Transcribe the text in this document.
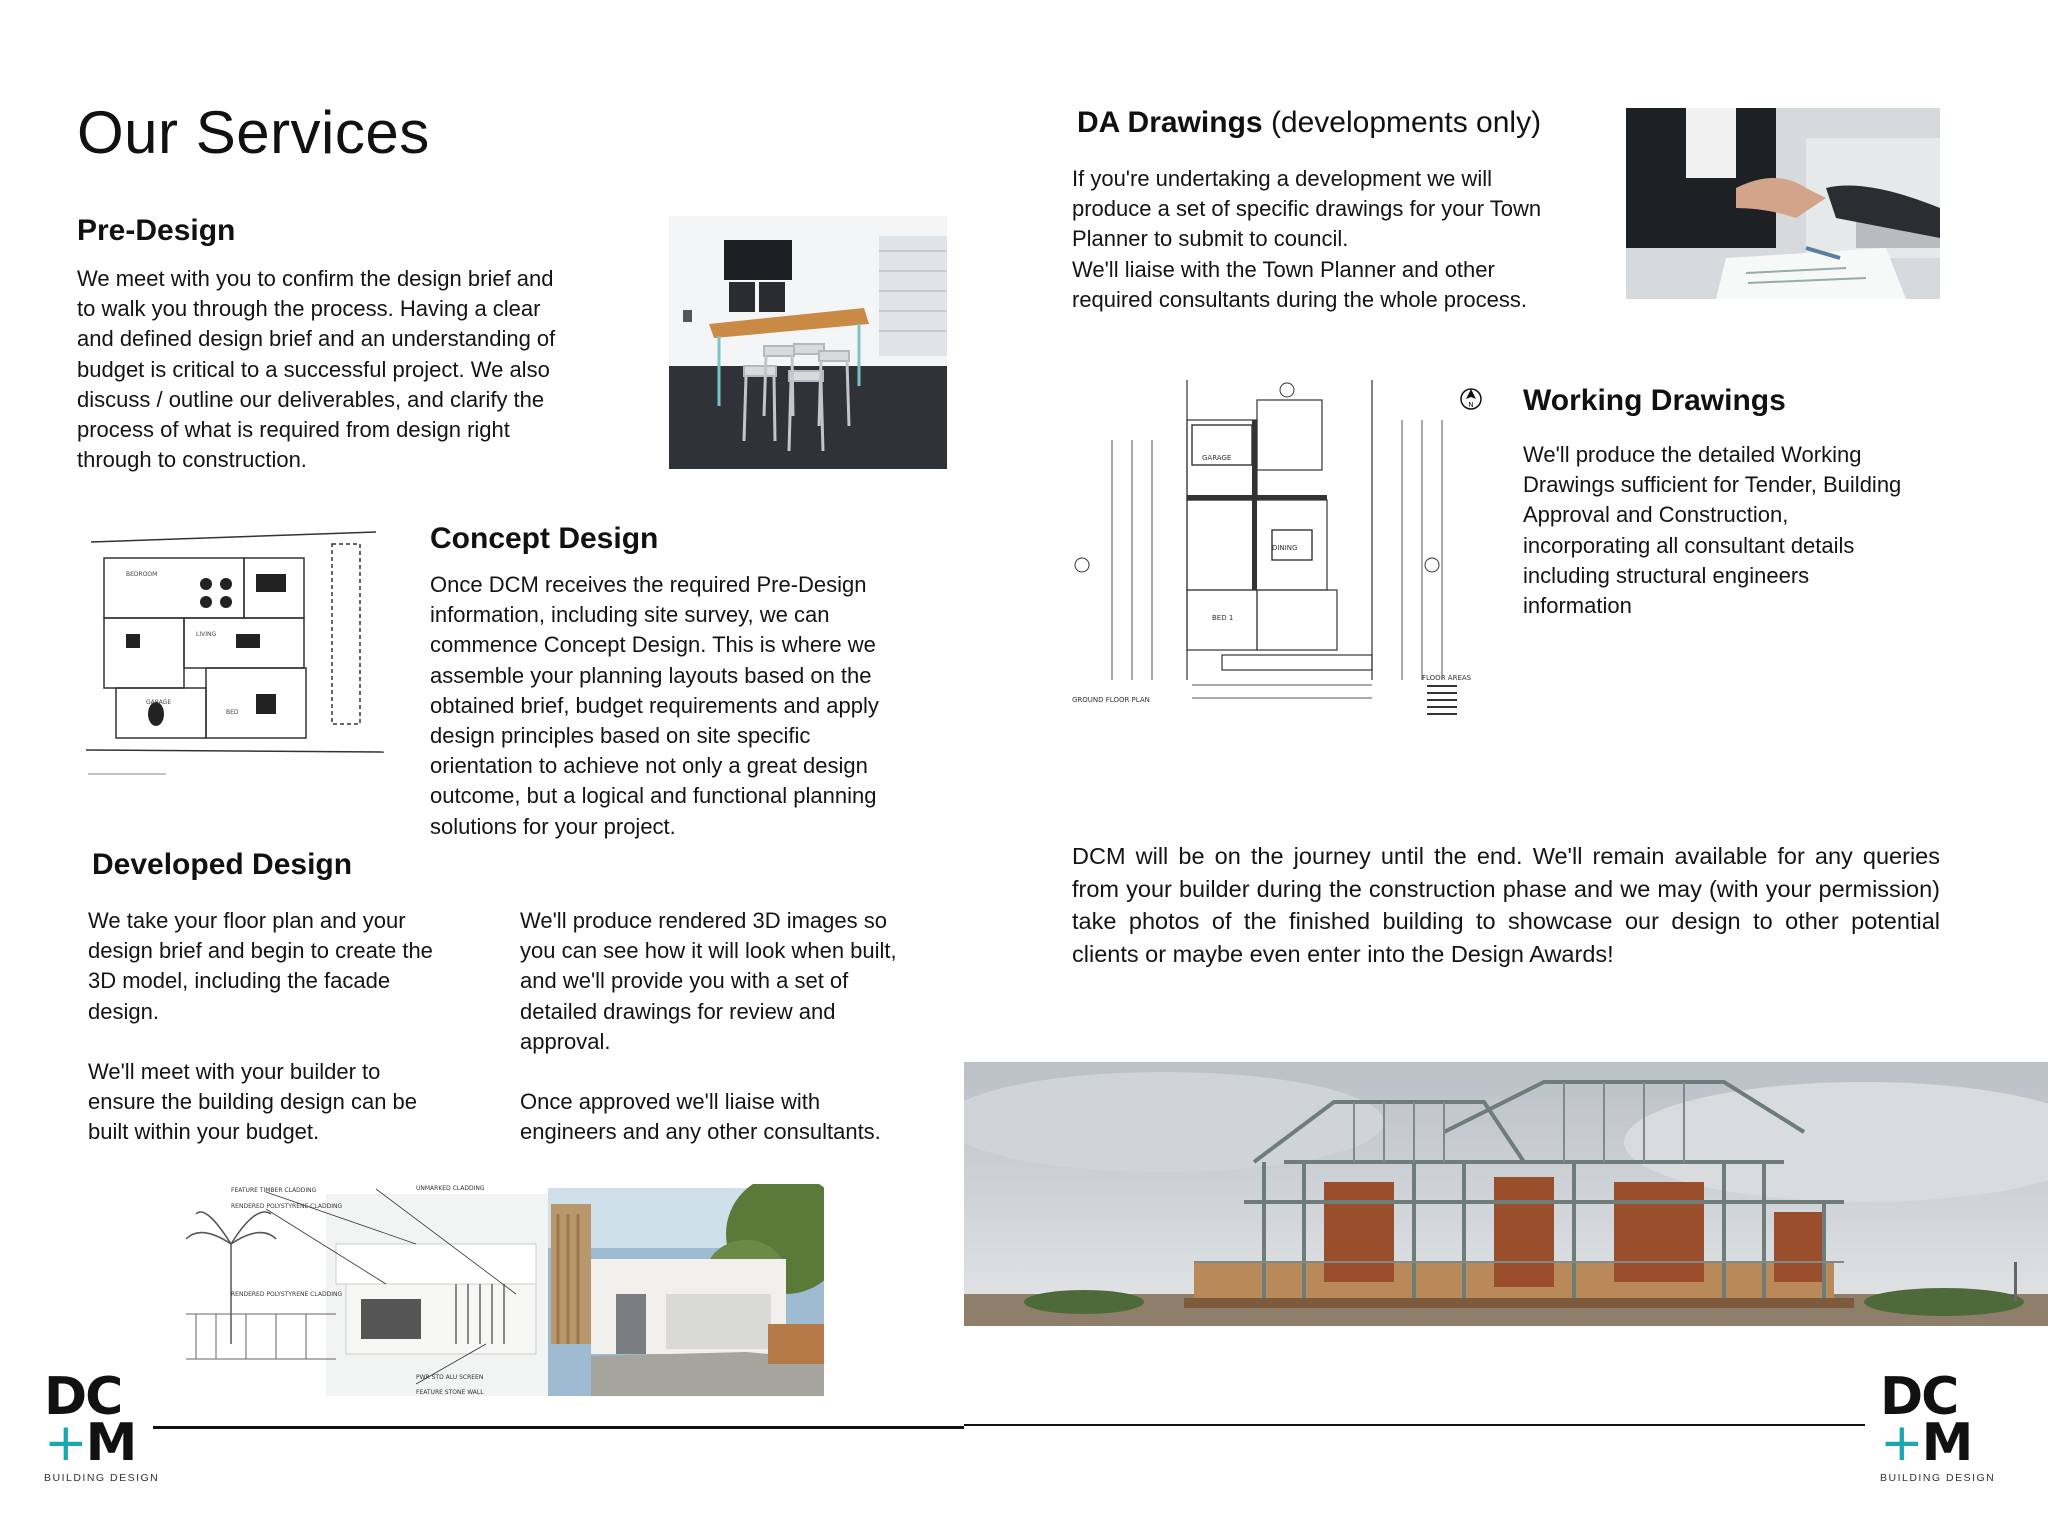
Our Services
Pre-Design

We meet with you to confirm the design brief and
to walk you through the process. Having a clear
and defined design brief and an understanding of
budget is critical to a successful project. We also
discuss / outline our deliverables, and clarify the
process of what is required from design right
through to construction.

BEDROOM
LIVING
GARAGE
BED
Concept Design

Once DCM receives the required Pre-Design
information, including site survey, we can
commence Concept Design. This is where we
assemble your planning layouts based on the
obtained brief, budget requirements and apply
design principles based on site specific
orientation to achieve not only a great design
outcome, but a logical and functional planning
solutions for your project.

Developed Design

We take your floor plan and your
design brief and begin to create the
3D model, including the facade
design.

We'll meet with your builder to
ensure the building design can be
built within your budget.

We'll produce rendered 3D images so
you can see how it will look when built,
and we'll provide you with a set of
detailed drawings for review and
approval.

Once approved we'll liaise with
engineers and any other consultants.

FEATURE TIMBER CLADDING
RENDERED POLYSTYRENE CLADDING
UNMARKED CLADDING
RENDERED POLYSTYRENE CLADDING
PWR STD ALU SCREEN
FEATURE STONE WALL
DA Drawings (developments only)

If you're undertaking a development we will
produce a set of specific drawings for your Town
Planner to submit to council.
We'll liaise with the Town Planner and other
required consultants during the whole process.

GARAGE
BED 1
DINING
GROUND FLOOR PLAN
FLOOR AREAS
N Working Drawings

We'll produce the detailed Working
Drawings sufficient for Tender, Building
Approval and Construction,
incorporating all consultant details
including structural engineers
information

DCM will be on the journey until the end. We'll remain available for any queries from your builder during the construction phase and we may (with your permission) take photos of the finished building to showcase our design to other potential clients or maybe even enter into the Design Awards!

DC
+M
BUILDING DESIGN
DC
+M
BUILDING DESIGN
